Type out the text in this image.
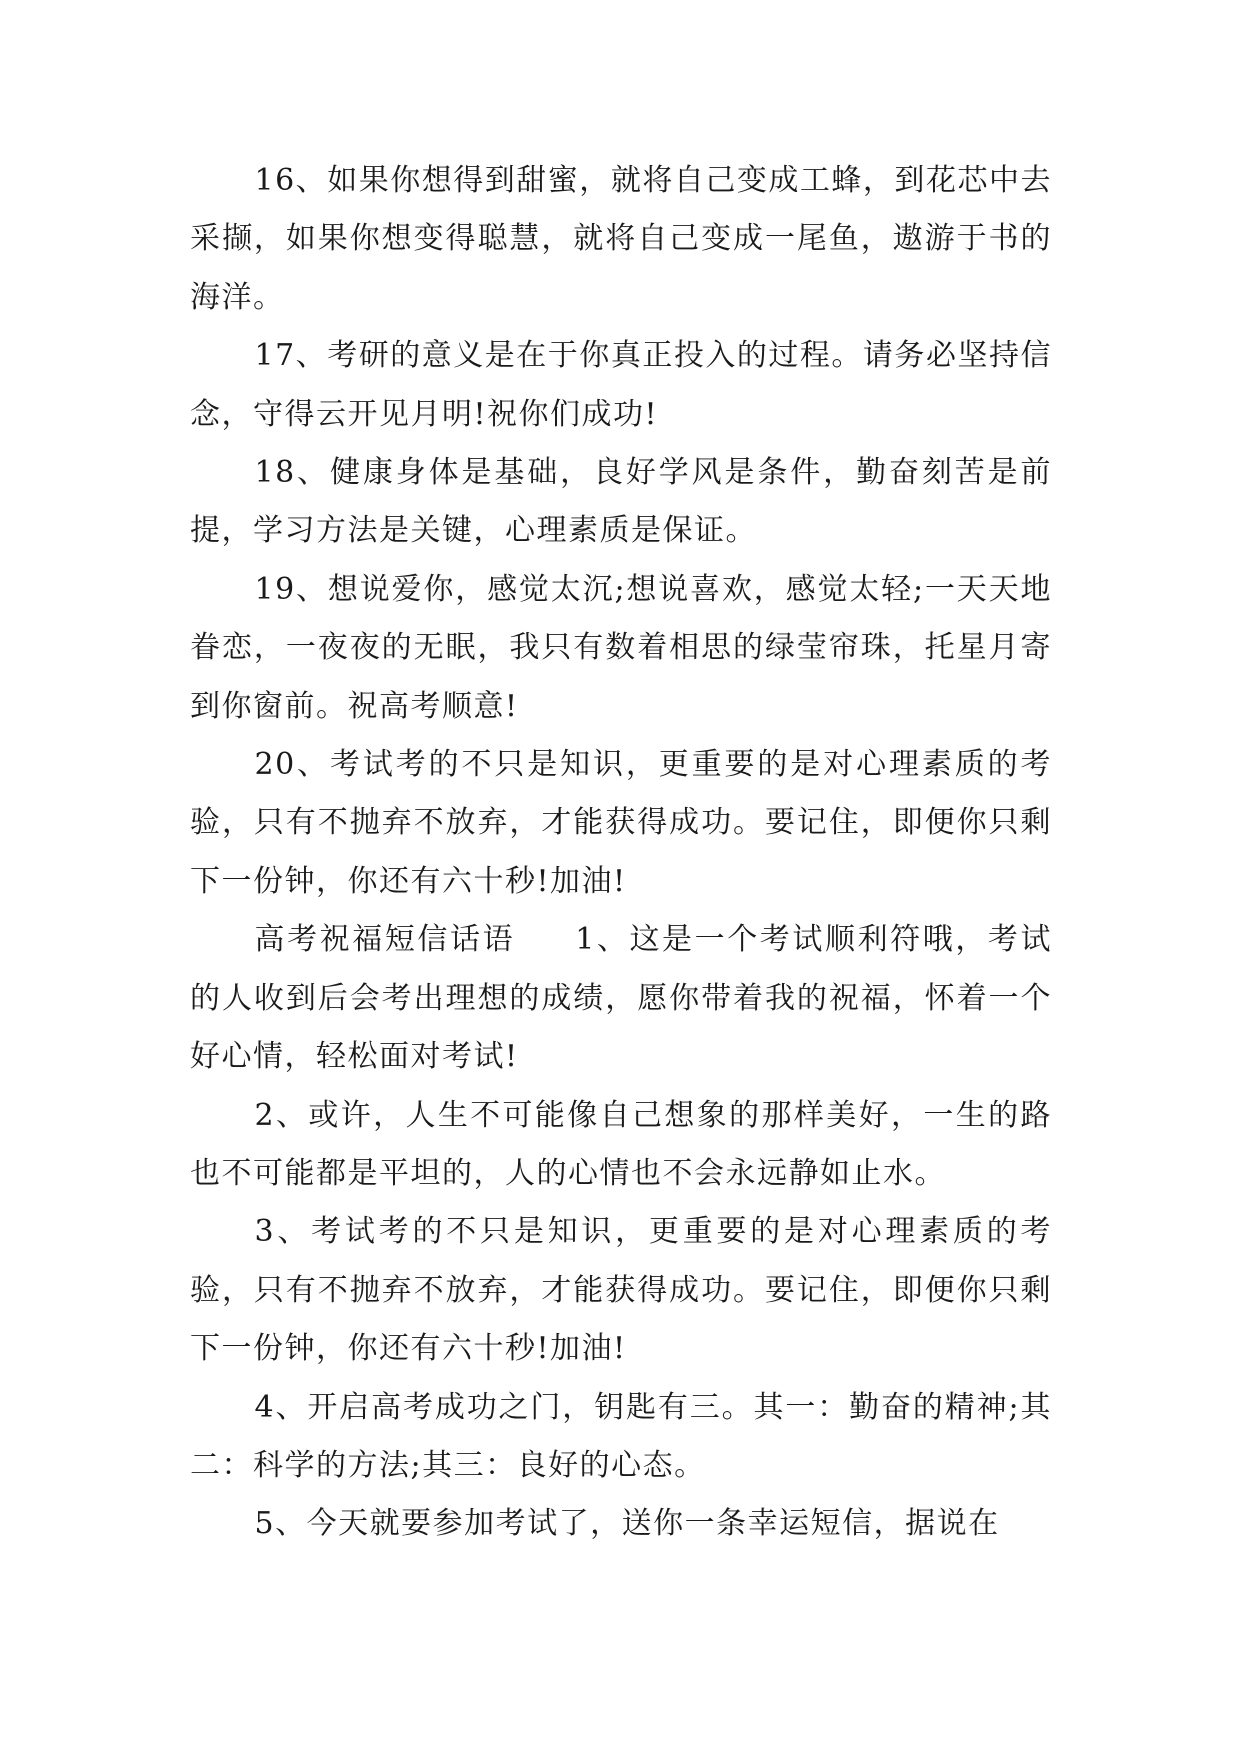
16、如果你想得到甜蜜，就将自己变成工蜂，到花芯中去采撷，如果你想变得聪慧，就将自己变成一尾鱼，遨游于书的海洋。

17、考研的意义是在于你真正投入的过程。请务必坚持信念，守得云开见月明!祝你们成功!

18、健康身体是基础，良好学风是条件，勤奋刻苦是前提，学习方法是关键，心理素质是保证。

19、想说爱你，感觉太沉;想说喜欢，感觉太轻;一天天地眷恋，一夜夜的无眠，我只有数着相思的绿莹帘珠，托星月寄到你窗前。祝高考顺意!

20、考试考的不只是知识，更重要的是对心理素质的考验，只有不抛弃不放弃，才能获得成功。要记住，即便你只剩下一份钟，你还有六十秒!加油!

高考祝福短信话语 1、这是一个考试顺利符哦，考试的人收到后会考出理想的成绩，愿你带着我的祝福，怀着一个好心情，轻松面对考试!

2、或许，人生不可能像自己想象的那样美好，一生的路也不可能都是平坦的，人的心情也不会永远静如止水。

3、考试考的不只是知识，更重要的是对心理素质的考验，只有不抛弃不放弃，才能获得成功。要记住，即便你只剩下一份钟，你还有六十秒!加油!

4、开启高考成功之门，钥匙有三。其一：勤奋的精神;其二：科学的方法;其三：良好的心态。

5、今天就要参加考试了，送你一条幸运短信，据说在
